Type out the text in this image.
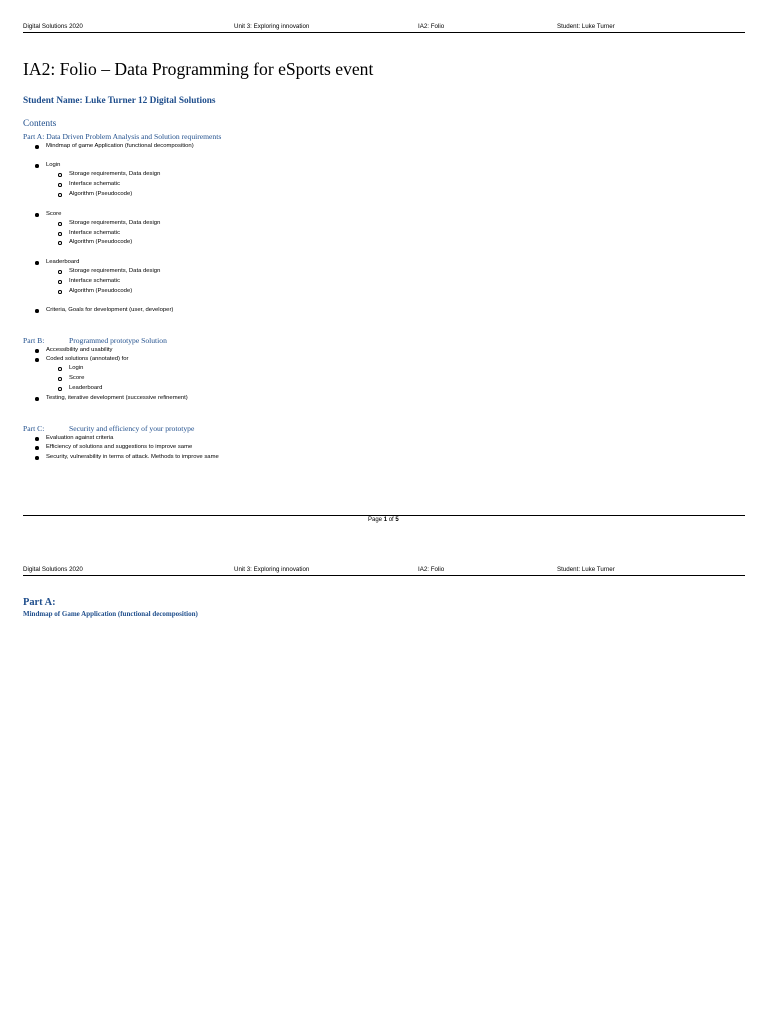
Digital Solutions 2020	Unit 3: Exploring innovation	IA2: Folio	Student: Luke Turner
IA2: Folio – Data Programming for eSports event
Student Name: Luke Turner 12 Digital Solutions
Contents
Part A: Data Driven Problem Analysis and Solution requirements
Mindmap of game Application (functional decomposition)
Login
Storage requirements, Data design
Interface schematic
Algorithm (Pseudocode)
Score
Storage requirements, Data design
Interface schematic
Algorithm (Pseudocode)
Leaderboard
Storage requirements, Data design
Interface schematic
Algorithm (Pseudocode)
Criteria, Goals for development (user, developer)
Part B:	Programmed prototype Solution
Accessibility and usability
Coded solutions (annotated) for
Login
Score
Leaderboard
Testing, iterative development (successive refinement)
Part C:	Security and efficiency of your prototype
Evaluation against criteria
Efficiency of solutions and suggestions to improve same
Security, vulnerability in terms of attack. Methods to improve same
Page 1 of 5
Digital Solutions 2020	Unit 3: Exploring innovation	IA2: Folio	Student: Luke Turner
Part A:
Mindmap of Game Application (functional decomposition)
